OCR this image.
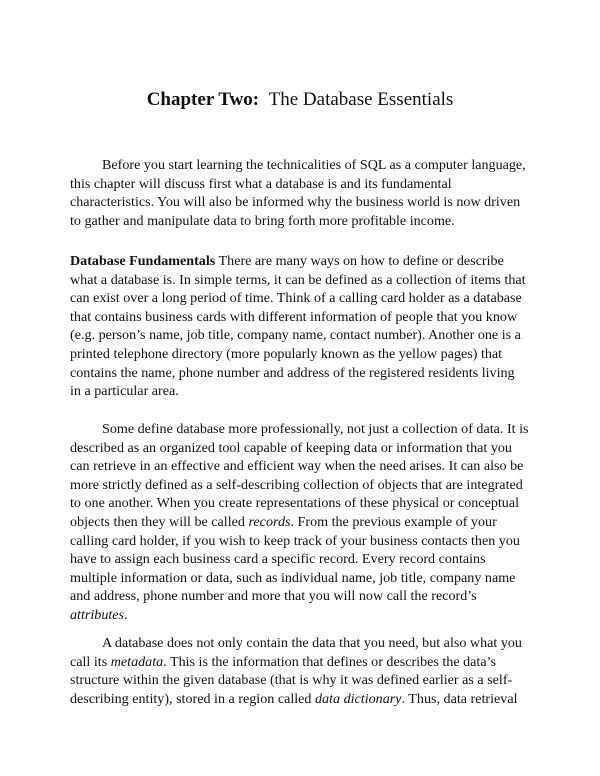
Chapter Two: The Database Essentials
Before you start learning the technicalities of SQL as a computer language,
this chapter will discuss first what a database is and its fundamental
characteristics. You will also be informed why the business world is now driven
to gather and manipulate data to bring forth more profitable income.
Database Fundamentals There are many ways on how to define or describe
what a database is. In simple terms, it can be defined as a collection of items that
can exist over a long period of time. Think of a calling card holder as a database
that contains business cards with different information of people that you know
(e.g. person’s name, job title, company name, contact number). Another one is a
printed telephone directory (more popularly known as the yellow pages) that
contains the name, phone number and address of the registered residents living
in a particular area.
Some define database more professionally, not just a collection of data. It is
described as an organized tool capable of keeping data or information that you
can retrieve in an effective and efficient way when the need arises. It can also be
more strictly defined as a self-describing collection of objects that are integrated
to one another. When you create representations of these physical or conceptual
objects then they will be called records. From the previous example of your
calling card holder, if you wish to keep track of your business contacts then you
have to assign each business card a specific record. Every record contains
multiple information or data, such as individual name, job title, company name
and address, phone number and more that you will now call the record’s
attributes.
A database does not only contain the data that you need, but also what you
call its metadata. This is the information that defines or describes the data’s
structure within the given database (that is why it was defined earlier as a self-
describing entity), stored in a region called data dictionary. Thus, data retrieval
